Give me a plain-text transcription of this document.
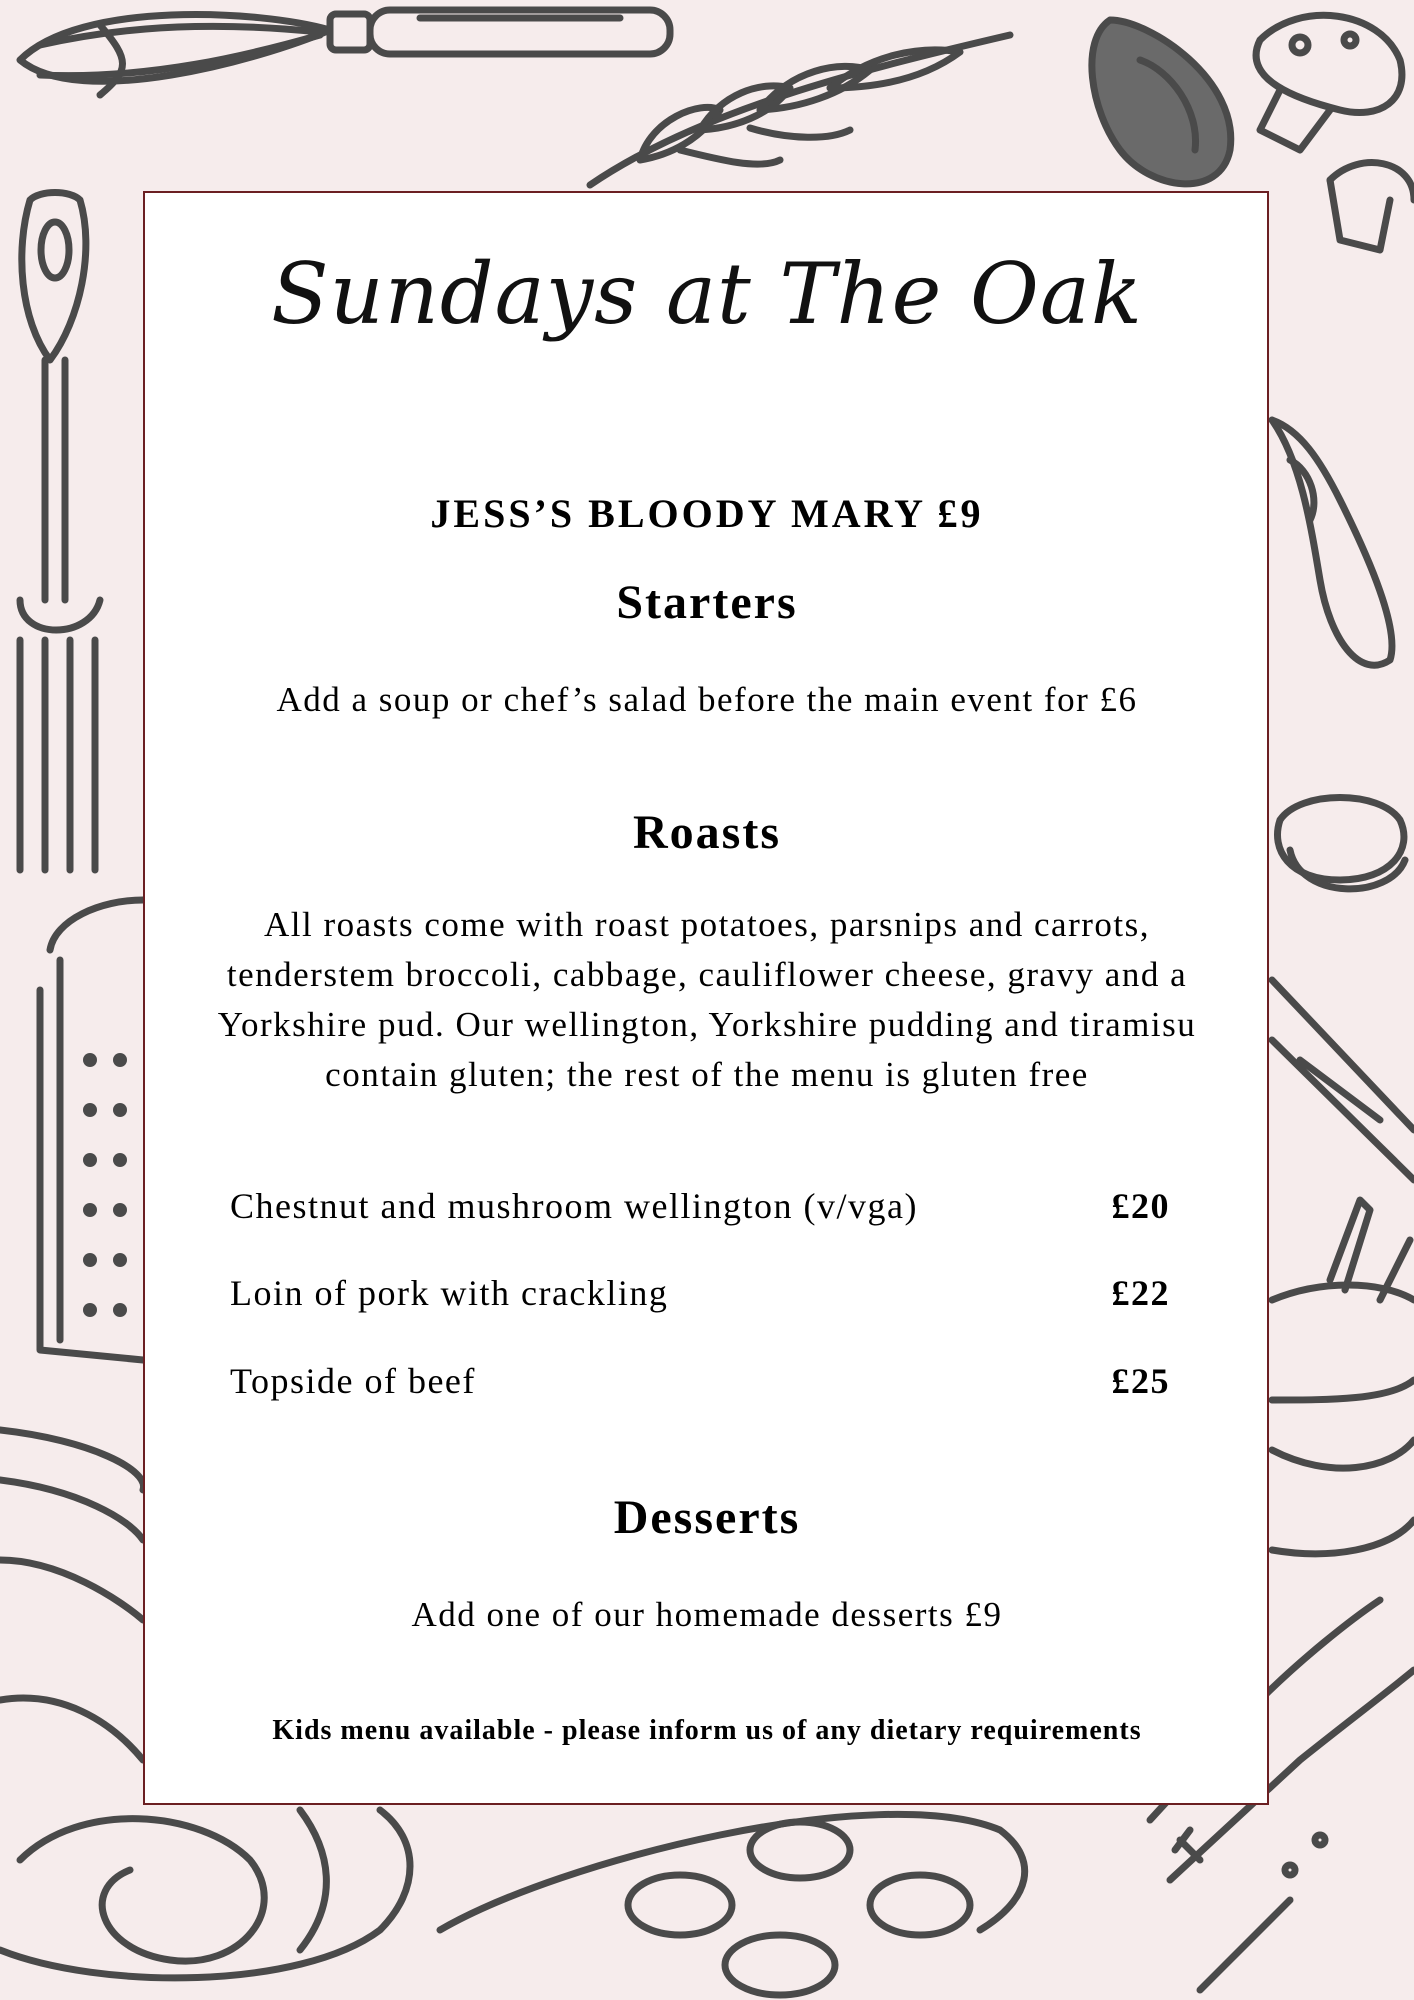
Sundays at The Oak
JESS’S BLOODY MARY £9
Starters
Add a soup or chef’s salad before the main event for £6
Roasts
All roasts come with roast potatoes, parsnips and carrots, tenderstem broccoli, cabbage, cauliflower cheese, gravy and a Yorkshire pud. Our wellington, Yorkshire pudding and tiramisu contain gluten; the rest of the menu is gluten free
Chestnut and mushroom wellington (v/vga)	£20
Loin of pork with crackling	£22
Topside of beef	£25
Desserts
Add one of our homemade desserts £9
Kids menu available - please inform us of any dietary requirements
